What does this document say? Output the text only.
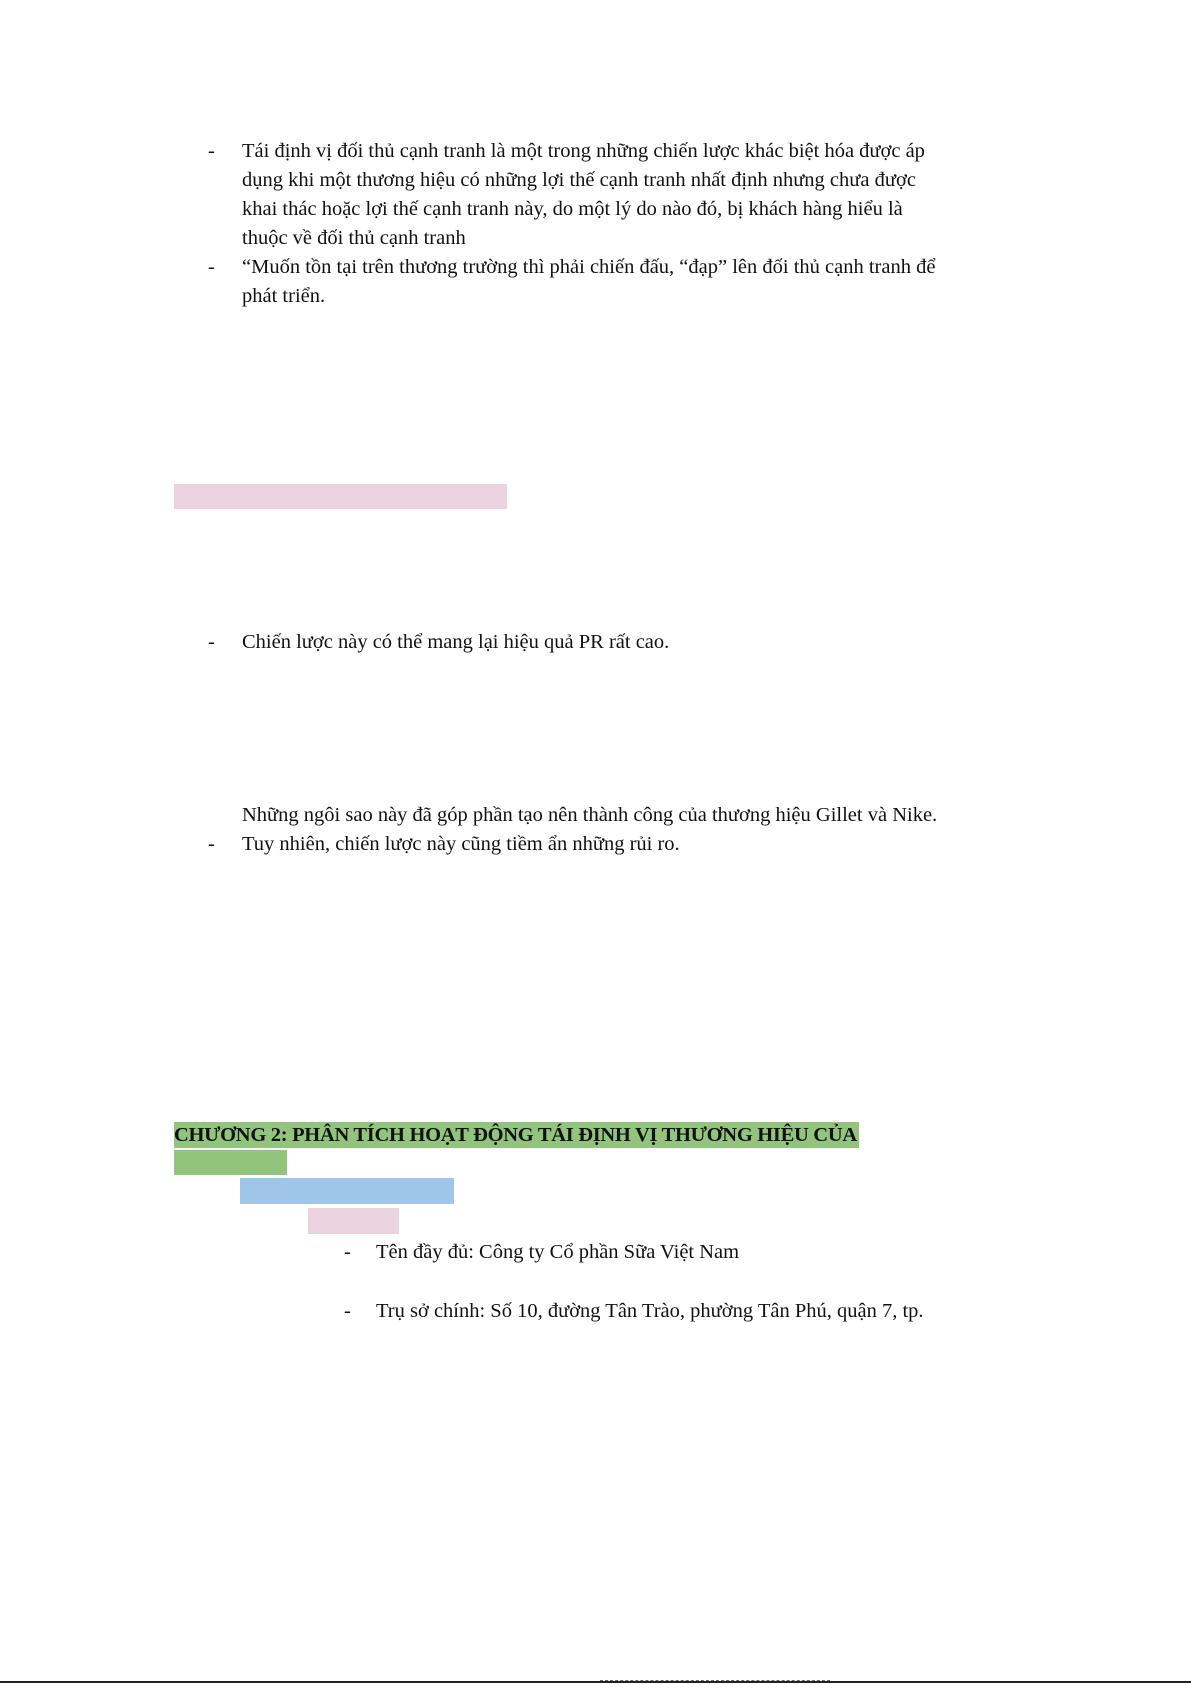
- Tái định vị đối thủ cạnh tranh là một trong những chiến lược khác biệt hóa được áp
dụng khi một thương hiệu có những lợi thế cạnh tranh nhất định nhưng chưa được
khai thác hoặc lợi thế cạnh tranh này, do một lý do nào đó, bị khách hàng hiểu là
thuộc về đối thủ cạnh tranh
- “Muốn tồn tại trên thương trường thì phải chiến đấu, “đạp” lên đối thủ cạnh tranh để
phát triển.
- Chiến lược này có thể mang lại hiệu quả PR rất cao.
Những ngôi sao này đã góp phần tạo nên thành công của thương hiệu Gillet và Nike.
- Tuy nhiên, chiến lược này cũng tiềm ẩn những rủi ro.
CHƯƠNG 2: PHÂN TÍCH HOẠT ĐỘNG TÁI ĐỊNH VỊ THƯƠNG HIỆU CỦA
- Tên đầy đủ: Công ty Cổ phần Sữa Việt Nam
- Trụ sở chính: Số 10, đường Tân Trào, phường Tân Phú, quận 7, tp.
